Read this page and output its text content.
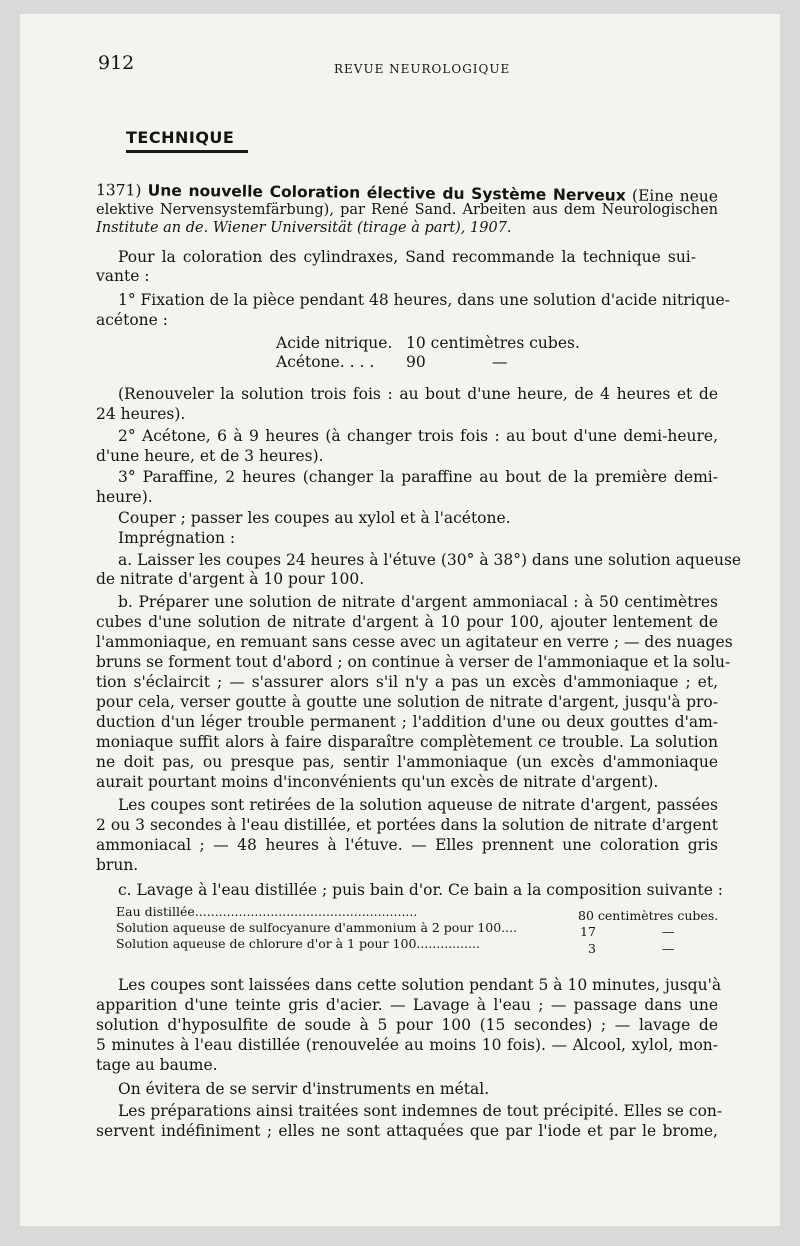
912	REVUE NEUROLOGIQUE
TECHNIQUE
1371) Une nouvelle Coloration élective du Système Nerveux (Eine neue
elektive Nervensystemfärbung), par René Sand. Arbeiten aus dem Neurologischen
Institute an de. Wiener Universität (tirage à part), 1907.
Pour la coloration des cylindraxes, Sand recommande la technique sui-
vante :
1° Fixation de la pièce pendant 48 heures, dans une solution d'acide nitrique-
acétone :
Acide nitrique. 10 centimètres cubes.
Acétone. . . . 90	—
(Renouveler la solution trois fois : au bout d'une heure, de 4 heures et de
24 heures).
2° Acétone, 6 à 9 heures (à changer trois fois : au bout d'une demi-heure,
d'une heure, et de 3 heures).
3° Paraffine, 2 heures (changer la paraffine au bout de la première demi-
heure).
Couper ; passer les coupes au xylol et à l'acétone.
Imprégnation :
a. Laisser les coupes 24 heures à l'étuve (30° à 38°) dans une solution aqueuse
de nitrate d'argent à 10 pour 100.
b. Préparer une solution de nitrate d'argent ammoniacal : à 50 centimètres
cubes d'une solution de nitrate d'argent à 10 pour 100, ajouter lentement de
l'ammoniaque, en remuant sans cesse avec un agitateur en verre ; — des nuages
bruns se forment tout d'abord ; on continue à verser de l'ammoniaque et la solu-
tion s'éclaircit ; — s'assurer alors s'il n'y a pas un excès d'ammoniaque ; et,
pour cela, verser goutte à goutte une solution de nitrate d'argent, jusqu'à pro-
duction d'un léger trouble permanent ; l'addition d'une ou deux gouttes d'am-
moniaque suffit alors à faire disparaître complètement ce trouble. La solution
ne doit pas, ou presque pas, sentir l'ammoniaque (un excès d'ammoniaque
aurait pourtant moins d'inconvénients qu'un excès de nitrate d'argent).
Les coupes sont retirées de la solution aqueuse de nitrate d'argent, passées
2 ou 3 secondes à l'eau distillée, et portées dans la solution de nitrate d'argent
ammoniacal ; — 48 heures à l'étuve. — Elles prennent une coloration gris
brun.
c. Lavage à l'eau distillée ; puis bain d'or. Ce bain a la composition suivante :
Eau distillée........................................................	80 centimètres cubes.
Solution aqueuse de sulfocyanure d'ammonium à 2 pour 100....	17	—
Solution aqueuse de chlorure d'or à 1 pour 100................	3	—
Les coupes sont laissées dans cette solution pendant 5 à 10 minutes, jusqu'à
apparition d'une teinte gris d'acier. — Lavage à l'eau ; — passage dans une
solution d'hyposulfite de soude à 5 pour 100 (15 secondes) ; — lavage de
5 minutes à l'eau distillée (renouvelée au moins 10 fois). — Alcool, xylol, mon-
tage au baume.
On évitera de se servir d'instruments en métal.
Les préparations ainsi traitées sont indemnes de tout précipité. Elles se con-
servent indéfiniment ; elles ne sont attaquées que par l'iode et par le brome,
